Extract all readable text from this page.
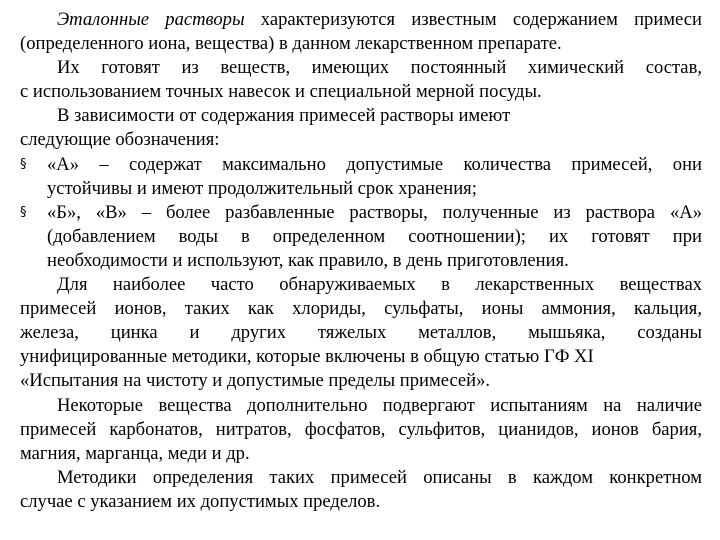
Эталонные растворы характеризуются известным содержанием примеси
(определенного иона, вещества) в данном лекарственном препарате.
Их готовят из веществ, имеющих постоянный химический состав,
с использованием точных навесок и специальной мерной посуды.
В зависимости от содержания примесей растворы имеют
следующие обозначения:
§	«А» – содержат максимально допустимые количества примесей, они
устойчивы и имеют продолжительный срок хранения;
§	«Б», «В» – более разбавленные растворы, полученные из раствора «А»
(добавлением воды в определенном соотношении); их готовят при
необходимости и используют, как правило, в день приготовления.
Для наиболее часто обнаруживаемых в лекарственных веществах
примесей ионов, таких как хлориды, сульфаты, ионы аммония, кальция,
железа, цинка и других тяжелых металлов, мышьяка, созданы
унифицированные методики, которые включены в общую статью ГФ XI
«Испытания на чистоту и допустимые пределы примесей».
Некоторые вещества дополнительно подвергают испытаниям на наличие
примесей карбонатов, нитратов, фосфатов, сульфитов, цианидов, ионов бария,
магния, марганца, меди и др.
Методики определения таких примесей описаны в каждом конкретном
случае с указанием их допустимых пределов.
